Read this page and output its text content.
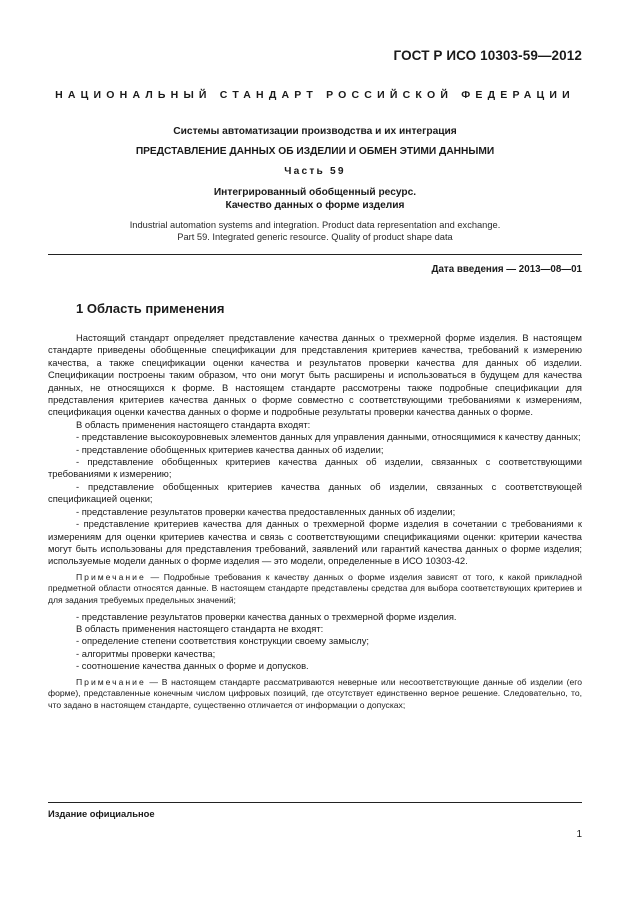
ГОСТ Р ИСО 10303-59—2012
НАЦИОНАЛЬНЫЙ СТАНДАРТ РОССИЙСКОЙ ФЕДЕРАЦИИ
Системы автоматизации производства и их интеграция
ПРЕДСТАВЛЕНИЕ ДАННЫХ ОБ ИЗДЕЛИИ И ОБМЕН ЭТИМИ ДАННЫМИ
Часть 59
Интегрированный обобщенный ресурс.
Качество данных о форме изделия
Industrial automation systems and integration. Product data representation and exchange.
Part 59. Integrated generic resource. Quality of product shape data
Дата введения — 2013—08—01
1 Область применения

Настоящий стандарт определяет представление качества данных о трехмерной форме изделия. В настоящем стандарте приведены обобщенные спецификации для представления критериев качества, требований к измерению качества, а также спецификации оценки качества и результатов проверки качества для данных об изделии. Спецификации построены таким образом, что они могут быть расширены и использоваться в будущем для качества данных, не относящихся к форме. В настоящем стандарте рассмотрены также подробные спецификации для представления критериев качества данных о форме совместно с соответствующими требованиями к измерениям, спецификация оценки качества данных о форме и подробные результаты проверки качества данных о форме.

В область применения настоящего стандарта входят:

- представление высокоуровневых элементов данных для управления данными, относящимися к качеству данных;

- представление обобщенных критериев качества данных об изделии;

- представление обобщенных критериев качества данных об изделии, связанных с соответствующими требованиями к измерению;

- представление обобщенных критериев качества данных об изделии, связанных с соответствующей спецификацией оценки;

- представление результатов проверки качества предоставленных данных об изделии;

- представление критериев качества для данных о трехмерной форме изделия в сочетании с требованиями к измерениям для оценки критериев качества и связь с соответствующими спецификациями оценки: критерии качества могут быть использованы для представления требований, заявлений или гарантий качества данных о форме изделия; используемые модели данных о форме изделия — это модели, определенные в ИСО 10303-42.

Примечание — Подробные требования к качеству данных о форме изделия зависят от того, к какой прикладной предметной области относятся данные. В настоящем стандарте представлены средства для выбора соответствующих критериев и для задания требуемых предельных значений;

- представление результатов проверки качества данных о трехмерной форме изделия.

В область применения настоящего стандарта не входят:

- определение степени соответствия конструкции своему замыслу;

- алгоритмы проверки качества;

- соотношение качества данных о форме и допусков.

Примечание — В настоящем стандарте рассматриваются неверные или несоответствующие данные об изделии (его форме), представленные конечным числом цифровых позиций, где отсутствует единственно верное решение. Следовательно, то, что задано в настоящем стандарте, существенно отличается от информации о допусках;

Издание официальное
1
